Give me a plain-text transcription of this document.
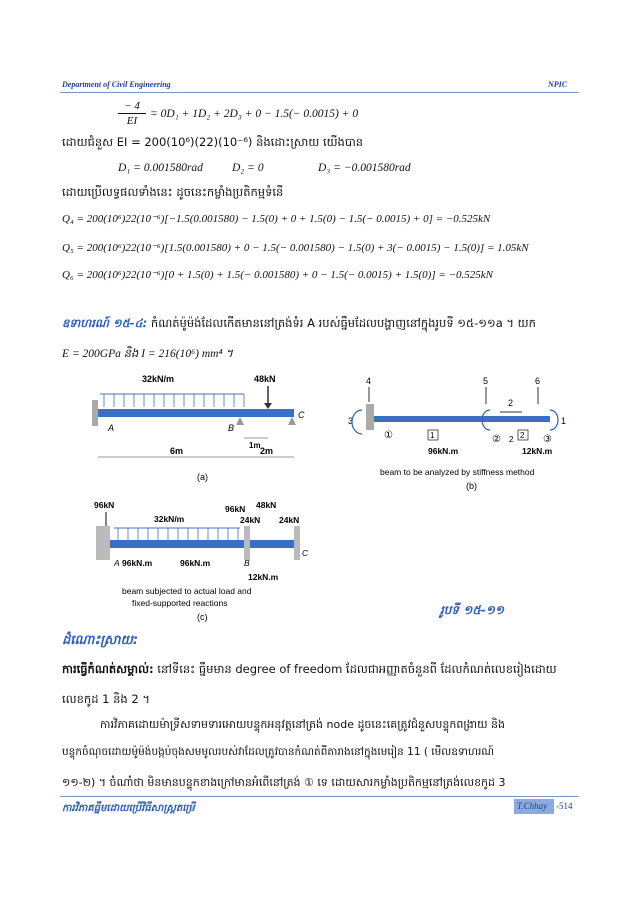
Department of Civil Engineering	NPIC
− 4
EI
= 0D₁ + 1D₂ + 2D₃ + 0 − 1.5(− 0.0015) + 0
ដោយជំនួស EI = 200(10⁶)(22)(10⁻⁶) និងដោះស្រាយ យើងបាន
D₁ = 0.001580rad	D₂ = 0	D₃ = −0.001580rad
ដោយប្រើលទ្ធផលទាំងនេះ ដូចនេះកម្លាំងប្រតិកម្មទំនើ
Q₄ = 200(10⁶)22(10⁻⁶)[−1.5(0.001580) − 1.5(0) + 0 + 1.5(0) − 1.5(− 0.0015) + 0] = −0.525kN
Q₅ = 200(10⁶)22(10⁻⁶)[1.5(0.001580) + 0 − 1.5(− 0.001580) − 1.5(0) + 3(− 0.0015) − 1.5(0)] = 1.05kN
Q₆ = 200(10⁶)22(10⁻⁶)[0 + 1.5(0) + 1.5(− 0.001580) + 0 − 1.5(− 0.0015) + 1.5(0)] = −0.525kN
ឧទាហរណ៍ ១៥-៤: កំណត់ម៉ូម៉ង់ដែលកើតមាននៅត្រង់ទំរ A របស់ធ្នឹមដែលបង្ហាញនៅក្នុងរូបទី ១៥-១១a ។ យក
E = 200GPa និង I = 216(10⁶) mm⁴ ។
32kN/m	48kN
A	B
C
1m
6m	2m
(a)
4
3
5	6
2
1
①	1	② 2 2 ③
96kN.m	12kN.m
beam to be analyzed by stiffness method
(b)
96kN
32kN/m
96kN 48kN
24kN 24kN
A 96kN.m	96kN.m	B
C
12kN.m
beam subjected to actual load and
fixed-supported reactions
(c)	រូបទី ១៥-១១
ដំណោះស្រាយ:
ការធ្វើកំណត់សម្គាល់: នៅទីនេះ ធ្នឹមមាន degree of freedom ដែលជាអញ្ញាតចំនួនពី ដែលកំណត់លេខរៀងដោយ
លេខកូដ 1 និង 2 ។
ការវិភាគដោយម៉ាទ្រីសទាមទារអោយបន្ទុកអនុវត្តនៅត្រង់ node ដូចនេះគេត្រូវជំនួសបន្ទុកពង្រាយ និង
បន្ទុកចំណុចដោយម៉ូម៉ង់បង្កប់ចុងសមមូលរបស់វាដែលត្រូវបានកំណត់ពីតារាងនៅក្នុងមេរៀន 11 ( មើលឧទាហរណ៍
១១-២) ។ ចំណាំថា មិនមានបន្ទុកខាងក្រៅមានអំពើនៅត្រង់ ① ទេ ដោយសារកម្លាំងប្រតិកម្មនៅត្រង់លេខកូដ 3
ការវិភាគធ្នឹមដោយប្រើវិធីសាស្រ្តតម្រើ	T.Chhay -514
